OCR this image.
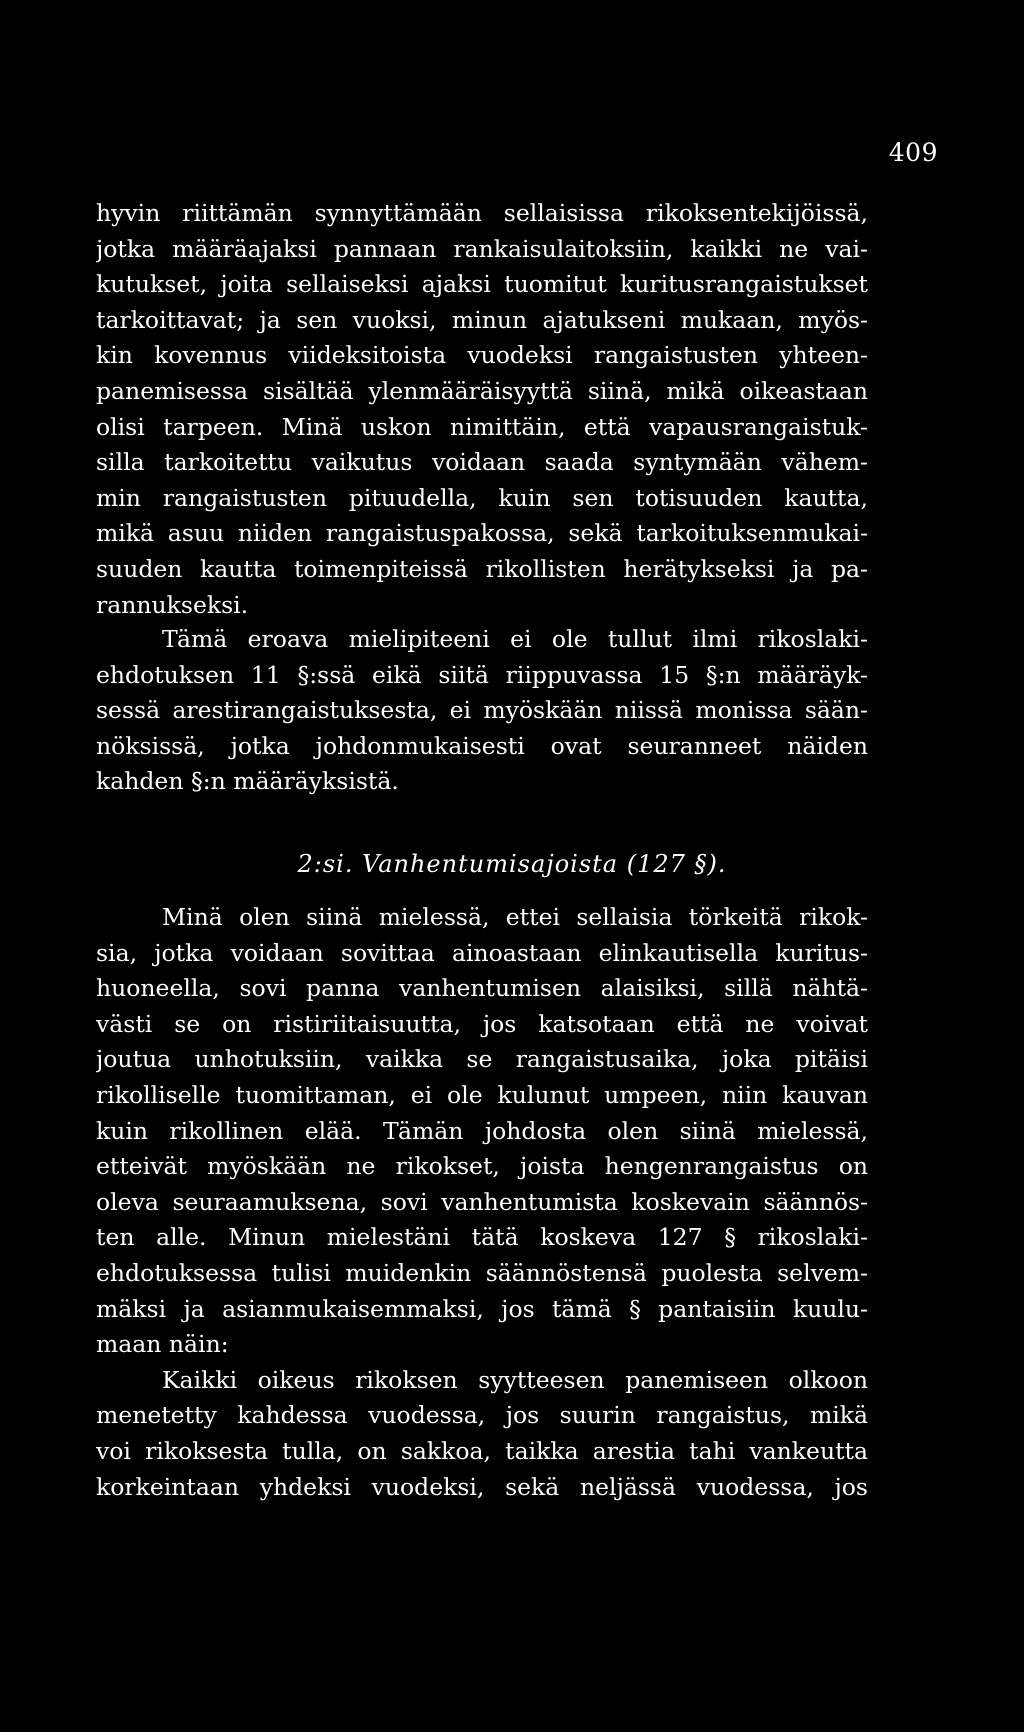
409
hyvin riittämän synnyttämään sellaisissa rikoksentekijöissä,
jotka määräajaksi pannaan rankaisulaitoksiin, kaikki ne vai-
kutukset, joita sellaiseksi ajaksi tuomitut kuritusrangaistukset
tarkoittavat; ja sen vuoksi, minun ajatukseni mukaan, myös-
kin kovennus viideksitoista vuodeksi rangaistusten yhteen-
panemisessa sisältää ylenmääräisyyttä siinä, mikä oikeastaan
olisi tarpeen. Minä uskon nimittäin, että vapausrangaistuk-
silla tarkoitettu vaikutus voidaan saada syntymään vähem-
min rangaistusten pituudella, kuin sen totisuuden kautta,
mikä asuu niiden rangaistuspakossa, sekä tarkoituksenmukai-
suuden kautta toimenpiteissä rikollisten herätykseksi ja pa-
rannukseksi.
Tämä eroava mielipiteeni ei ole tullut ilmi rikoslaki-
ehdotuksen 11 §:ssä eikä siitä riippuvassa 15 §:n määräyk-
sessä arestirangaistuksesta, ei myöskään niissä monissa sään-
nöksissä, jotka johdonmukaisesti ovat seuranneet näiden
kahden §:n määräyksistä.
2:si. Vanhentumisajoista (127 §).
Minä olen siinä mielessä, ettei sellaisia törkeitä rikok-
sia, jotka voidaan sovittaa ainoastaan elinkautisella kuritus-
huoneella, sovi panna vanhentumisen alaisiksi, sillä nähtä-
västi se on ristiriitaisuutta, jos katsotaan että ne voivat
joutua unhotuksiin, vaikka se rangaistusaika, joka pitäisi
rikolliselle tuomittaman, ei ole kulunut umpeen, niin kauvan
kuin rikollinen elää. Tämän johdosta olen siinä mielessä,
etteivät myöskään ne rikokset, joista hengenrangaistus on
oleva seuraamuksena, sovi vanhentumista koskevain säännös-
ten alle. Minun mielestäni tätä koskeva 127 § rikoslaki-
ehdotuksessa tulisi muidenkin säännöstensä puolesta selvem-
mäksi ja asianmukaisemmaksi, jos tämä § pantaisiin kuulu-
maan näin:
Kaikki oikeus rikoksen syytteesen panemiseen olkoon
menetetty kahdessa vuodessa, jos suurin rangaistus, mikä
voi rikoksesta tulla, on sakkoa, taikka arestia tahi vankeutta
korkeintaan yhdeksi vuodeksi, sekä neljässä vuodessa, jos
